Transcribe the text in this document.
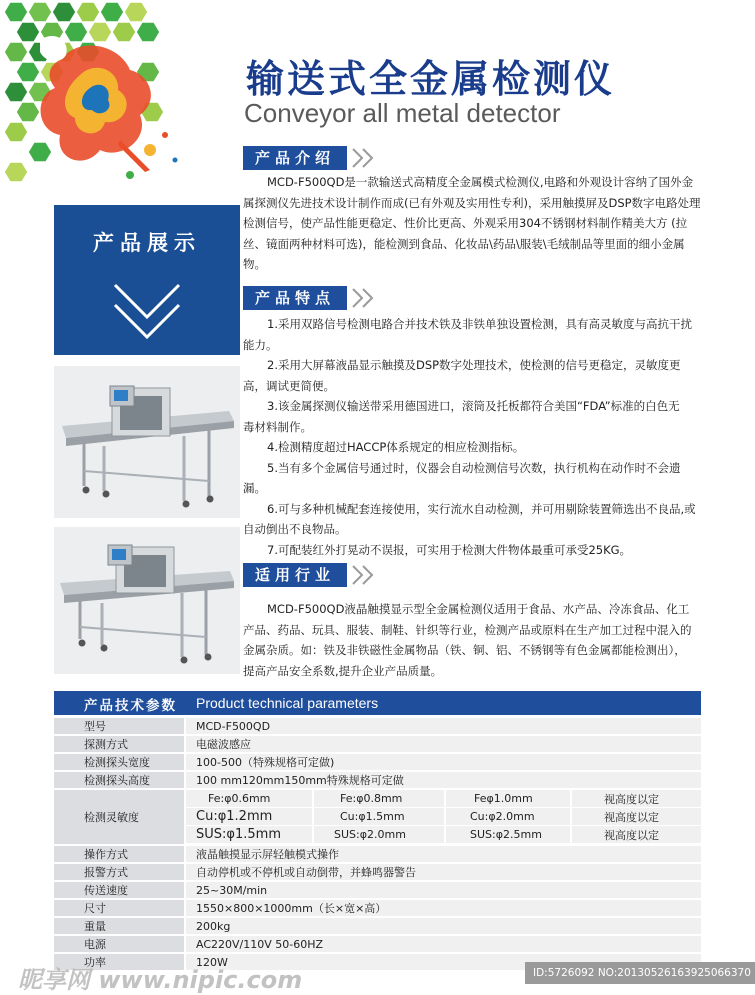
输送式全金属检测仪
Conveyor all metal detector
产品介绍

MCD-F500QD是一款输送式高精度全金属模式检测仪,电路和外观设计容纳了国外金

属探测仪先进技术设计制作而成(已有外观及实用性专利)，采用触摸屏及DSP数字电路处理

检测信号，使产品性能更稳定、性价比更高、外观采用304不锈钢材料制作精美大方 (拉

丝、镜面两种材料可选)，能检测到食品、化妆品\药品\服装\毛绒制品等里面的细小金属

物。

产品特点

1.采用双路信号检测电路合并技术铁及非铁单独设置检测，具有高灵敏度与高抗干扰

能力。

2.采用大屏幕液晶显示触摸及DSP数字处理技术，使检测的信号更稳定，灵敏度更

高，调试更简便。

3.该金属探测仪输送带采用德国进口，滚筒及托板都符合美国“FDA”标准的白色无

毒材料制作。

4.检测精度超过HACCP体系规定的相应检测指标。

5.当有多个金属信号通过时，仪器会自动检测信号次数，执行机构在动作时不会遗

漏。

6.可与多种机械配套连接使用，实行流水自动检测，并可用剔除装置筛选出不良品,或

自动倒出不良物品。

7.可配装红外打晃动不误报，可实用于检测大件物体最重可承受25KG。

适用行业

MCD-F500QD液晶触摸显示型全金属检测仪适用于食品、水产品、冷冻食品、化工

产品、药品、玩具、服装、制鞋、针织等行业，检测产品或原料在生产加工过程中混入的

金属杂质。如：铁及非铁磁性金属物品（铁、铜、铝、不锈钢等有色金属都能检测出），

提高产品安全系数,提升企业产品质量。

产品展示
产品技术参数 Product technical parameters
型号	MCD-F500QD
探测方式	电磁波感应
检测探头宽度	100-500（特殊规格可定做)
检测探头高度	100 mm120mm150mm特殊规格可定做
检测灵敏度
Fe:φ0.6mm	Fe:φ0.8mm	Feφ1.0mm	视高度以定
Cu:φ1.2mm	Cu:φ1.5mm	Cu:φ2.0mm	视高度以定
SUS:φ1.5mm	SUS:φ2.0mm	SUS:φ2.5mm	视高度以定
操作方式	液晶触摸显示屏轻触模式操作
报警方式	自动停机或不停机或自动倒带，并蜂鸣器警告
传送速度	25~30M/min
尺寸	1550×800×1000mm（长×宽×高）
重量	200kg
电源	AC220V/110V 50-60HZ
功率	120W
昵享网 www.nipic.com	ID:5726092 NO:20130526163925066370
